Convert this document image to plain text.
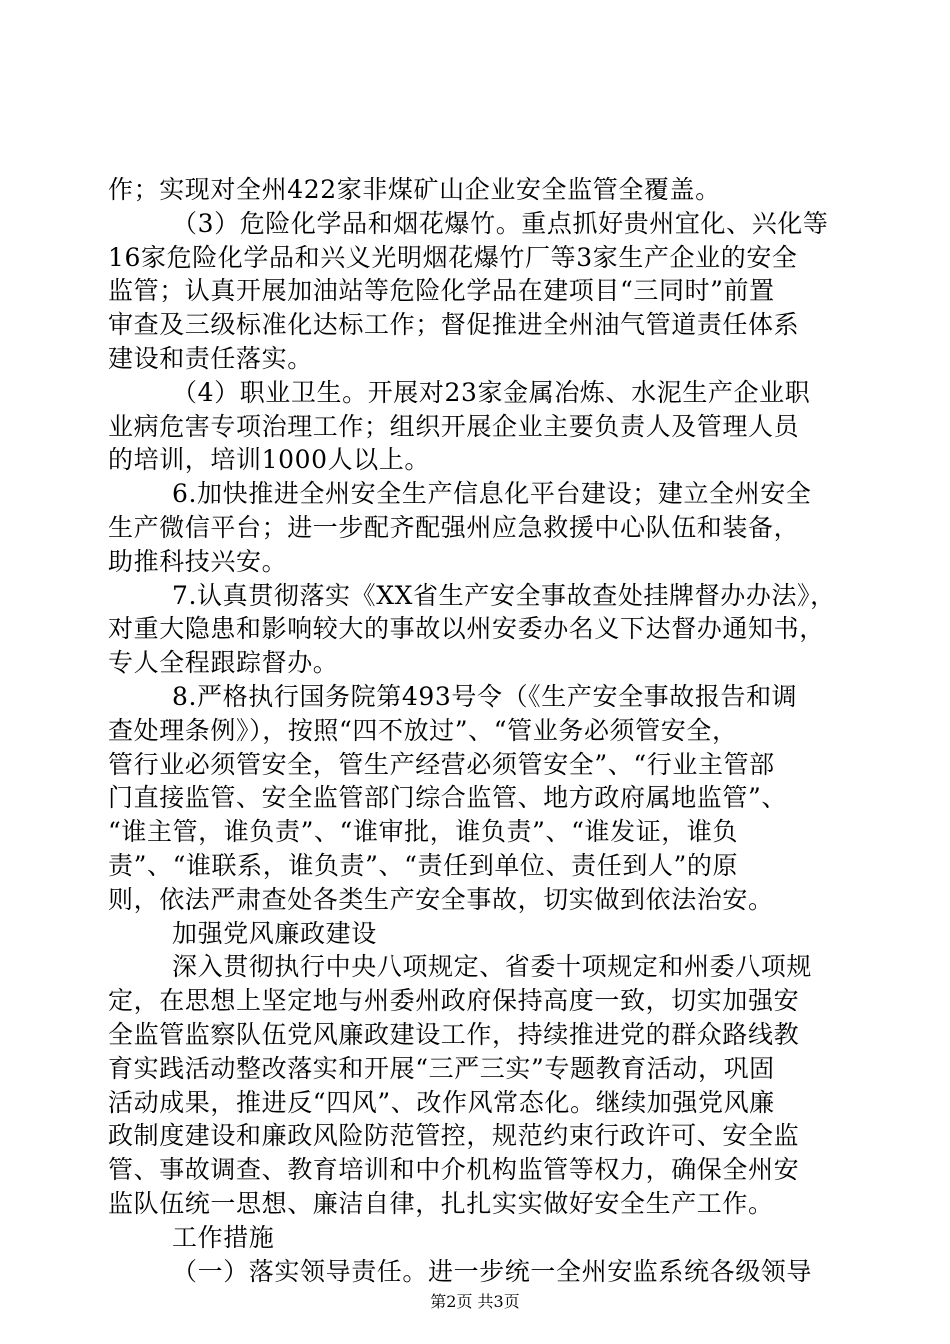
作；实现对全州422家非煤矿山企业安全监管全覆盖。
（3）危险化学品和烟花爆竹。重点抓好贵州宜化、兴化等
16家危险化学品和兴义光明烟花爆竹厂等3家生产企业的安全
监管；认真开展加油站等危险化学品在建项目“三同时”前置
审查及三级标准化达标工作；督促推进全州油气管道责任体系
建设和责任落实。
（4）职业卫生。开展对23家金属冶炼、水泥生产企业职
业病危害专项治理工作；组织开展企业主要负责人及管理人员
的培训，培训1000人以上。
6.加快推进全州安全生产信息化平台建设；建立全州安全
生产微信平台；进一步配齐配强州应急救援中心队伍和装备，
助推科技兴安。
7.认真贯彻落实《XX省生产安全事故查处挂牌督办办法》，
对重大隐患和影响较大的事故以州安委办名义下达督办通知书，
专人全程跟踪督办。
8.严格执行国务院第493号令（《生产安全事故报告和调
查处理条例》），按照“四不放过”、“管业务必须管安全，
管行业必须管安全，管生产经营必须管安全”、“行业主管部
门直接监管、安全监管部门综合监管、地方政府属地监管”、
“谁主管，谁负责”、“谁审批，谁负责”、“谁发证，谁负
责”、“谁联系，谁负责”、“责任到单位、责任到人”的原
则，依法严肃查处各类生产安全事故，切实做到依法治安。
加强党风廉政建设
深入贯彻执行中央八项规定、省委十项规定和州委八项规
定，在思想上坚定地与州委州政府保持高度一致，切实加强安
全监管监察队伍党风廉政建设工作，持续推进党的群众路线教
育实践活动整改落实和开展“三严三实”专题教育活动，巩固
活动成果，推进反“四风”、改作风常态化。继续加强党风廉
政制度建设和廉政风险防范管控，规范约束行政许可、安全监
管、事故调查、教育培训和中介机构监管等权力，确保全州安
监队伍统一思想、廉洁自律，扎扎实实做好安全生产工作。
工作措施
（一）落实领导责任。进一步统一全州安监系统各级领导
第2页 共3页
